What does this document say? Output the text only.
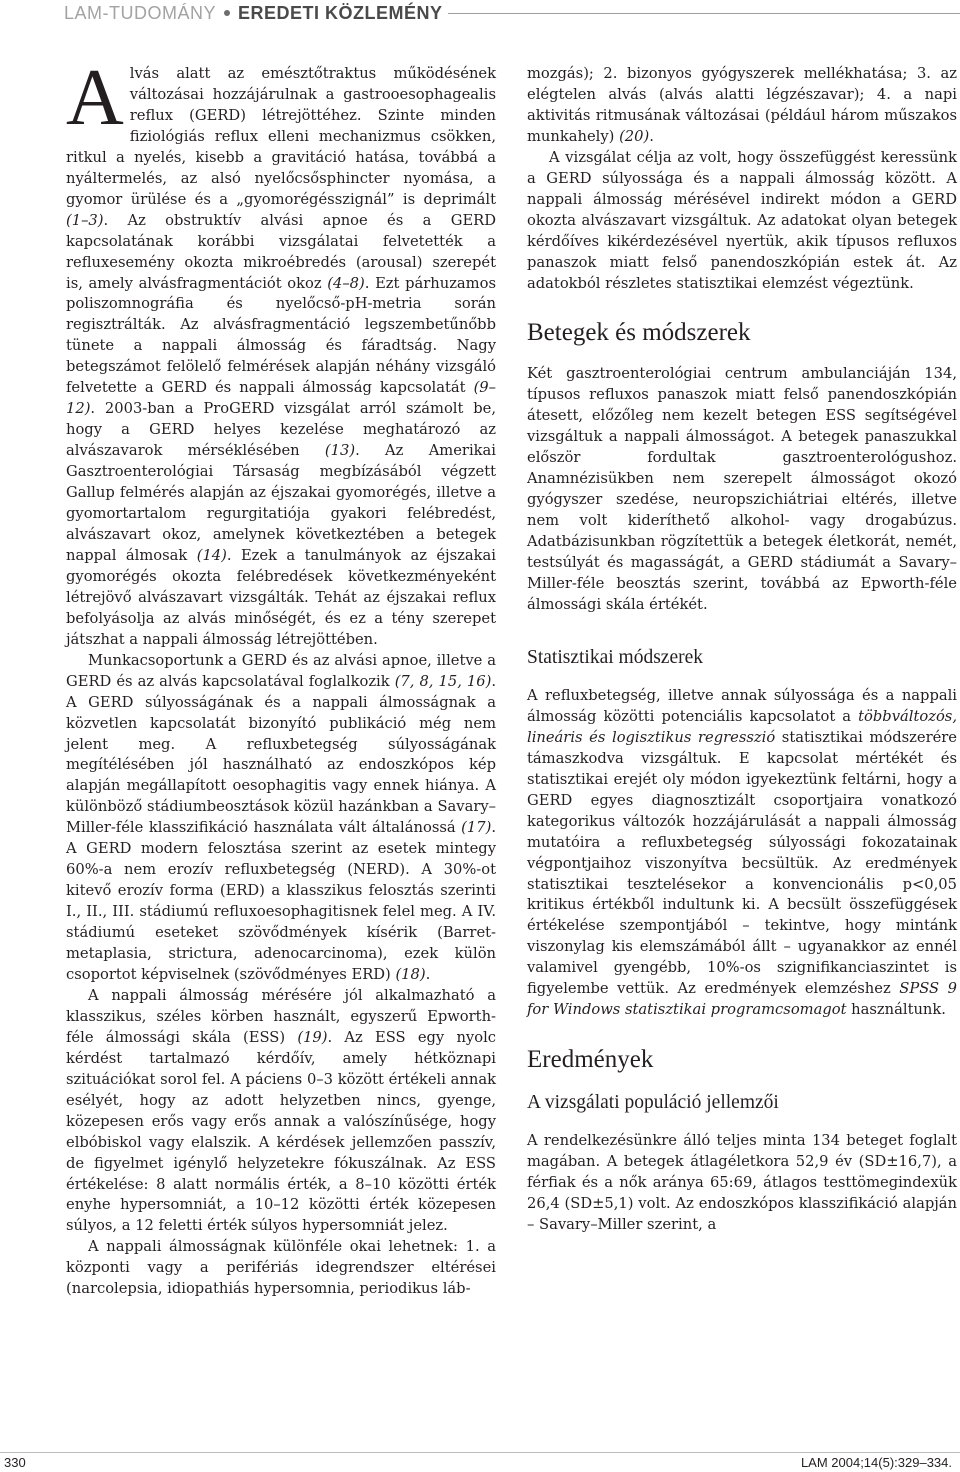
LAM-TUDOMÁNY EREDETI KÖZLEMÉNY

Alvás alatt az emésztőtraktus működésének változásai hozzájárulnak a gastrooesophagealis reflux (GERD) létrejöttéhez. Szinte minden fiziológiás reflux elleni mechanizmus csökken, ritkul a nyelés, kisebb a gravitáció hatása, továbbá a nyáltermelés, az alsó nyelőcsősphincter nyomása, a gyomor ürülése és a „gyomorégésszignál” is deprimált (1–3). Az obstruktív alvási apnoe és a GERD kapcsolatának korábbi vizsgálatai felvetették a refluxesemény okozta mikroébredés (arousal) szerepét is, amely alvásfragmentációt okoz (4–8). Ezt párhuzamos poliszomnográfia és nyelőcső-pH-metria során regisztrálták. Az alvásfragmentáció legszembetűnőbb tünete a nappali álmosság és fáradtság. Nagy betegszámot felölelő felmérések alapján néhány vizsgáló felvetette a GERD és nappali álmosság kapcsolatát (9–12). 2003-ban a ProGERD vizsgálat arról számolt be, hogy a GERD helyes kezelése meghatározó az alvászavarok mérséklésében (13). Az Amerikai Gasztroenterológiai Társaság megbízásából végzett Gallup felmérés alapján az éjszakai gyomorégés, illetve a gyomortartalom regurgitatiója gyakori felébredést, alvászavart okoz, amelynek következtében a betegek nappal álmosak (14). Ezek a tanulmányok az éjszakai gyomorégés okozta felébredések következményeként létrejövő alvászavart vizsgálták. Tehát az éjszakai reflux befolyásolja az alvás minőségét, és ez a tény szerepet játszhat a nappali álmosság létrejöttében.

Munkacsoportunk a GERD és az alvási apnoe, illetve a GERD és az alvás kapcsolatával foglalkozik (7, 8, 15, 16). A GERD súlyosságának és a nappali álmosságnak a közvetlen kapcsolatát bizonyító publikáció még nem jelent meg. A refluxbetegség súlyosságának megítélésében jól használható az endoszkópos kép alapján megállapított oesophagitis vagy ennek hiánya. A különböző stádiumbeosztások közül hazánkban a Savary–Miller-féle klasszifikáció használata vált általánossá (17). A GERD modern felosztása szerint az esetek mintegy 60%-a nem erozív refluxbetegség (NERD). A 30%-ot kitevő erozív forma (ERD) a klasszikus felosztás szerinti I., II., III. stádiumú refluxoesophagitisnek felel meg. A IV. stádiumú eseteket szövődmények kísérik (Barret-metaplasia, strictura, adenocarcinoma), ezek külön csoportot képviselnek (szövődményes ERD) (18).

A nappali álmosság mérésére jól alkalmazható a klasszikus, széles körben használt, egyszerű Epworth-féle álmossági skála (ESS) (19). Az ESS egy nyolc kérdést tartalmazó kérdőív, amely hétköznapi szituációkat sorol fel. A páciens 0–3 között értékeli annak esélyét, hogy az adott helyzetben nincs, gyenge, közepesen erős vagy erős annak a valószínűsége, hogy elbóbiskol vagy elalszik. A kérdések jellemzően passzív, de figyelmet igénylő helyzetekre fókuszálnak. Az ESS értékelése: 8 alatt normális érték, a 8–10 közötti érték enyhe hypersomniát, a 10–12 közötti érték közepesen súlyos, a 12 feletti érték súlyos hypersomniát jelez.

A nappali álmosságnak különféle okai lehetnek: 1. a központi vagy a perifériás idegrendszer eltérései (narcolepsia, idiopathiás hypersomnia, periodikus láb-

mozgás); 2. bizonyos gyógyszerek mellékhatása; 3. az elégtelen alvás (alvás alatti légzészavar); 4. a napi aktivitás ritmusának változásai (például három műszakos munkahely) (20).

A vizsgálat célja az volt, hogy összefüggést keressünk a GERD súlyossága és a nappali álmosság között. A nappali álmosság mérésével indirekt módon a GERD okozta alvászavart vizsgáltuk. Az adatokat olyan betegek kérdőíves kikérdezésével nyertük, akik típusos refluxos panaszok miatt felső panendoszkópián estek át. Az adatokból részletes statisztikai elemzést végeztünk.

Betegek és módszerek

Két gasztroenterológiai centrum ambulanciáján 134, típusos refluxos panaszok miatt felső panendoszkópián átesett, előzőleg nem kezelt betegen ESS segítségével vizsgáltuk a nappali álmosságot. A betegek panaszukkal először fordultak gasztroenterológushoz. Anamnézisükben nem szerepelt álmosságot okozó gyógyszer szedése, neuropszichiátriai eltérés, illetve nem volt kideríthető alkohol- vagy drogabúzus. Adatbázisunkban rögzítettük a betegek életkorát, nemét, testsúlyát és magasságát, a GERD stádiumát a Savary–Miller-féle beosztás szerint, továbbá az Epworth-féle álmossági skála értékét.

Statisztikai módszerek

A refluxbetegség, illetve annak súlyossága és a nappali álmosság közötti potenciális kapcsolatot a többváltozós, lineáris és logisztikus regresszió statisztikai módszerére támaszkodva vizsgáltuk. E kapcsolat mértékét és statisztikai erejét oly módon igyekeztünk feltárni, hogy a GERD egyes diagnosztizált csoportjaira vonatkozó kategorikus változók hozzájárulását a nappali álmosság mutatóira a refluxbetegség súlyossági fokozatainak végpontjaihoz viszonyítva becsültük. Az eredmények statisztikai tesztelésekor a konvencionális p<0,05 kritikus értékből indultunk ki. A becsült összefüggések értékelése szempontjából – tekintve, hogy mintánk viszonylag kis elemszámából állt – ugyanakkor az ennél valamivel gyengébb, 10%-os szignifikanciaszintet is figyelembe vettük. Az eredmények elemzéshez SPSS 9 for Windows statisztikai programcsomagot használtunk.

Eredmények
A vizsgálati populáció jellemzői

A rendelkezésünkre álló teljes minta 134 beteget foglalt magában. A betegek átlagéletkora 52,9 év (SD±16,7), a férfiak és a nők aránya 65:69, átlagos testtömegindexük 26,4 (SD±5,1) volt. Az endoszkópos klasszifikáció alapján – Savary–Miller szerint, a

330	LAM 2004;14(5):329–334.
